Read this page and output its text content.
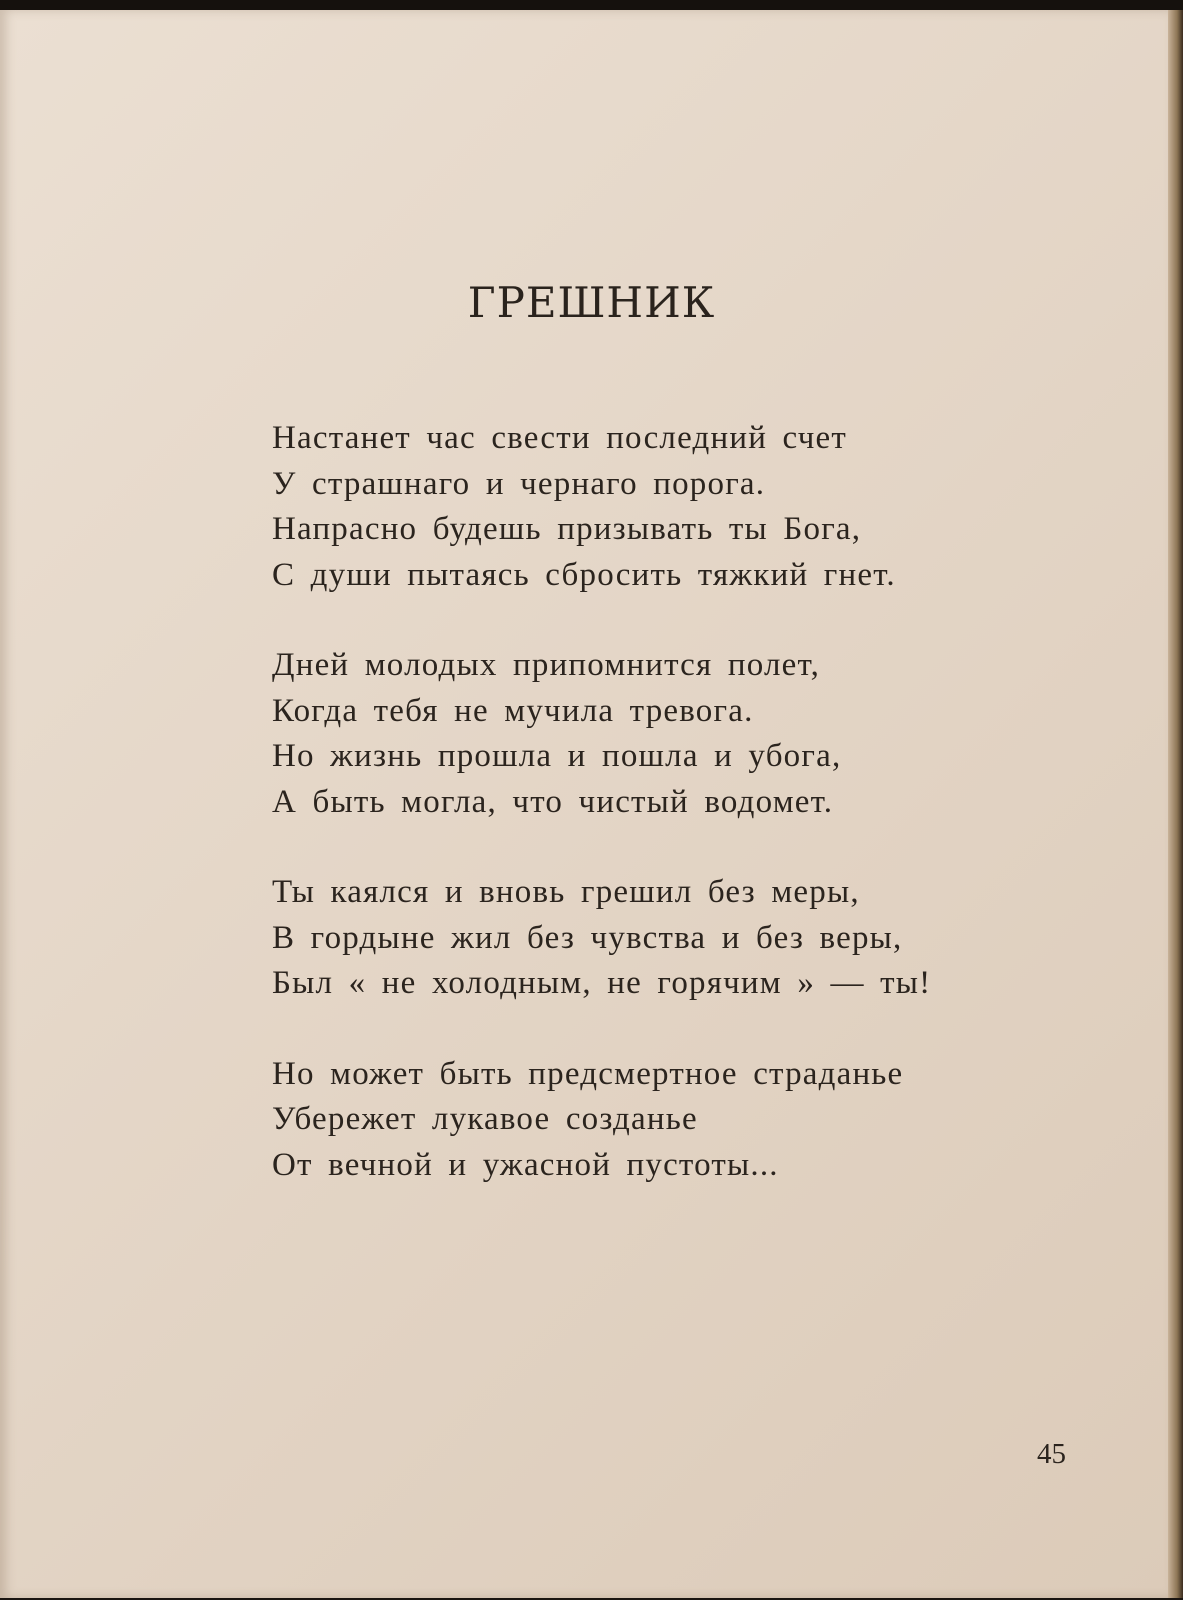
ГРЕШНИК
Настанет час свести последний счет
У страшнаго и чернаго порога.
Напрасно будешь призывать ты Бога,
С души пытаясь сбросить тяжкий гнет.
Дней молодых припомнится полет,
Когда тебя не мучила тревога.
Но жизнь прошла и пошла и убога,
А быть могла, что чистый водомет.
Ты каялся и вновь грешил без меры,
В гордыне жил без чувства и без веры,
Был « не холодным, не горячим » — ты!
Но может быть предсмертное страданье
Убережет лукавое созданье
От вечной и ужасной пустоты...
45
